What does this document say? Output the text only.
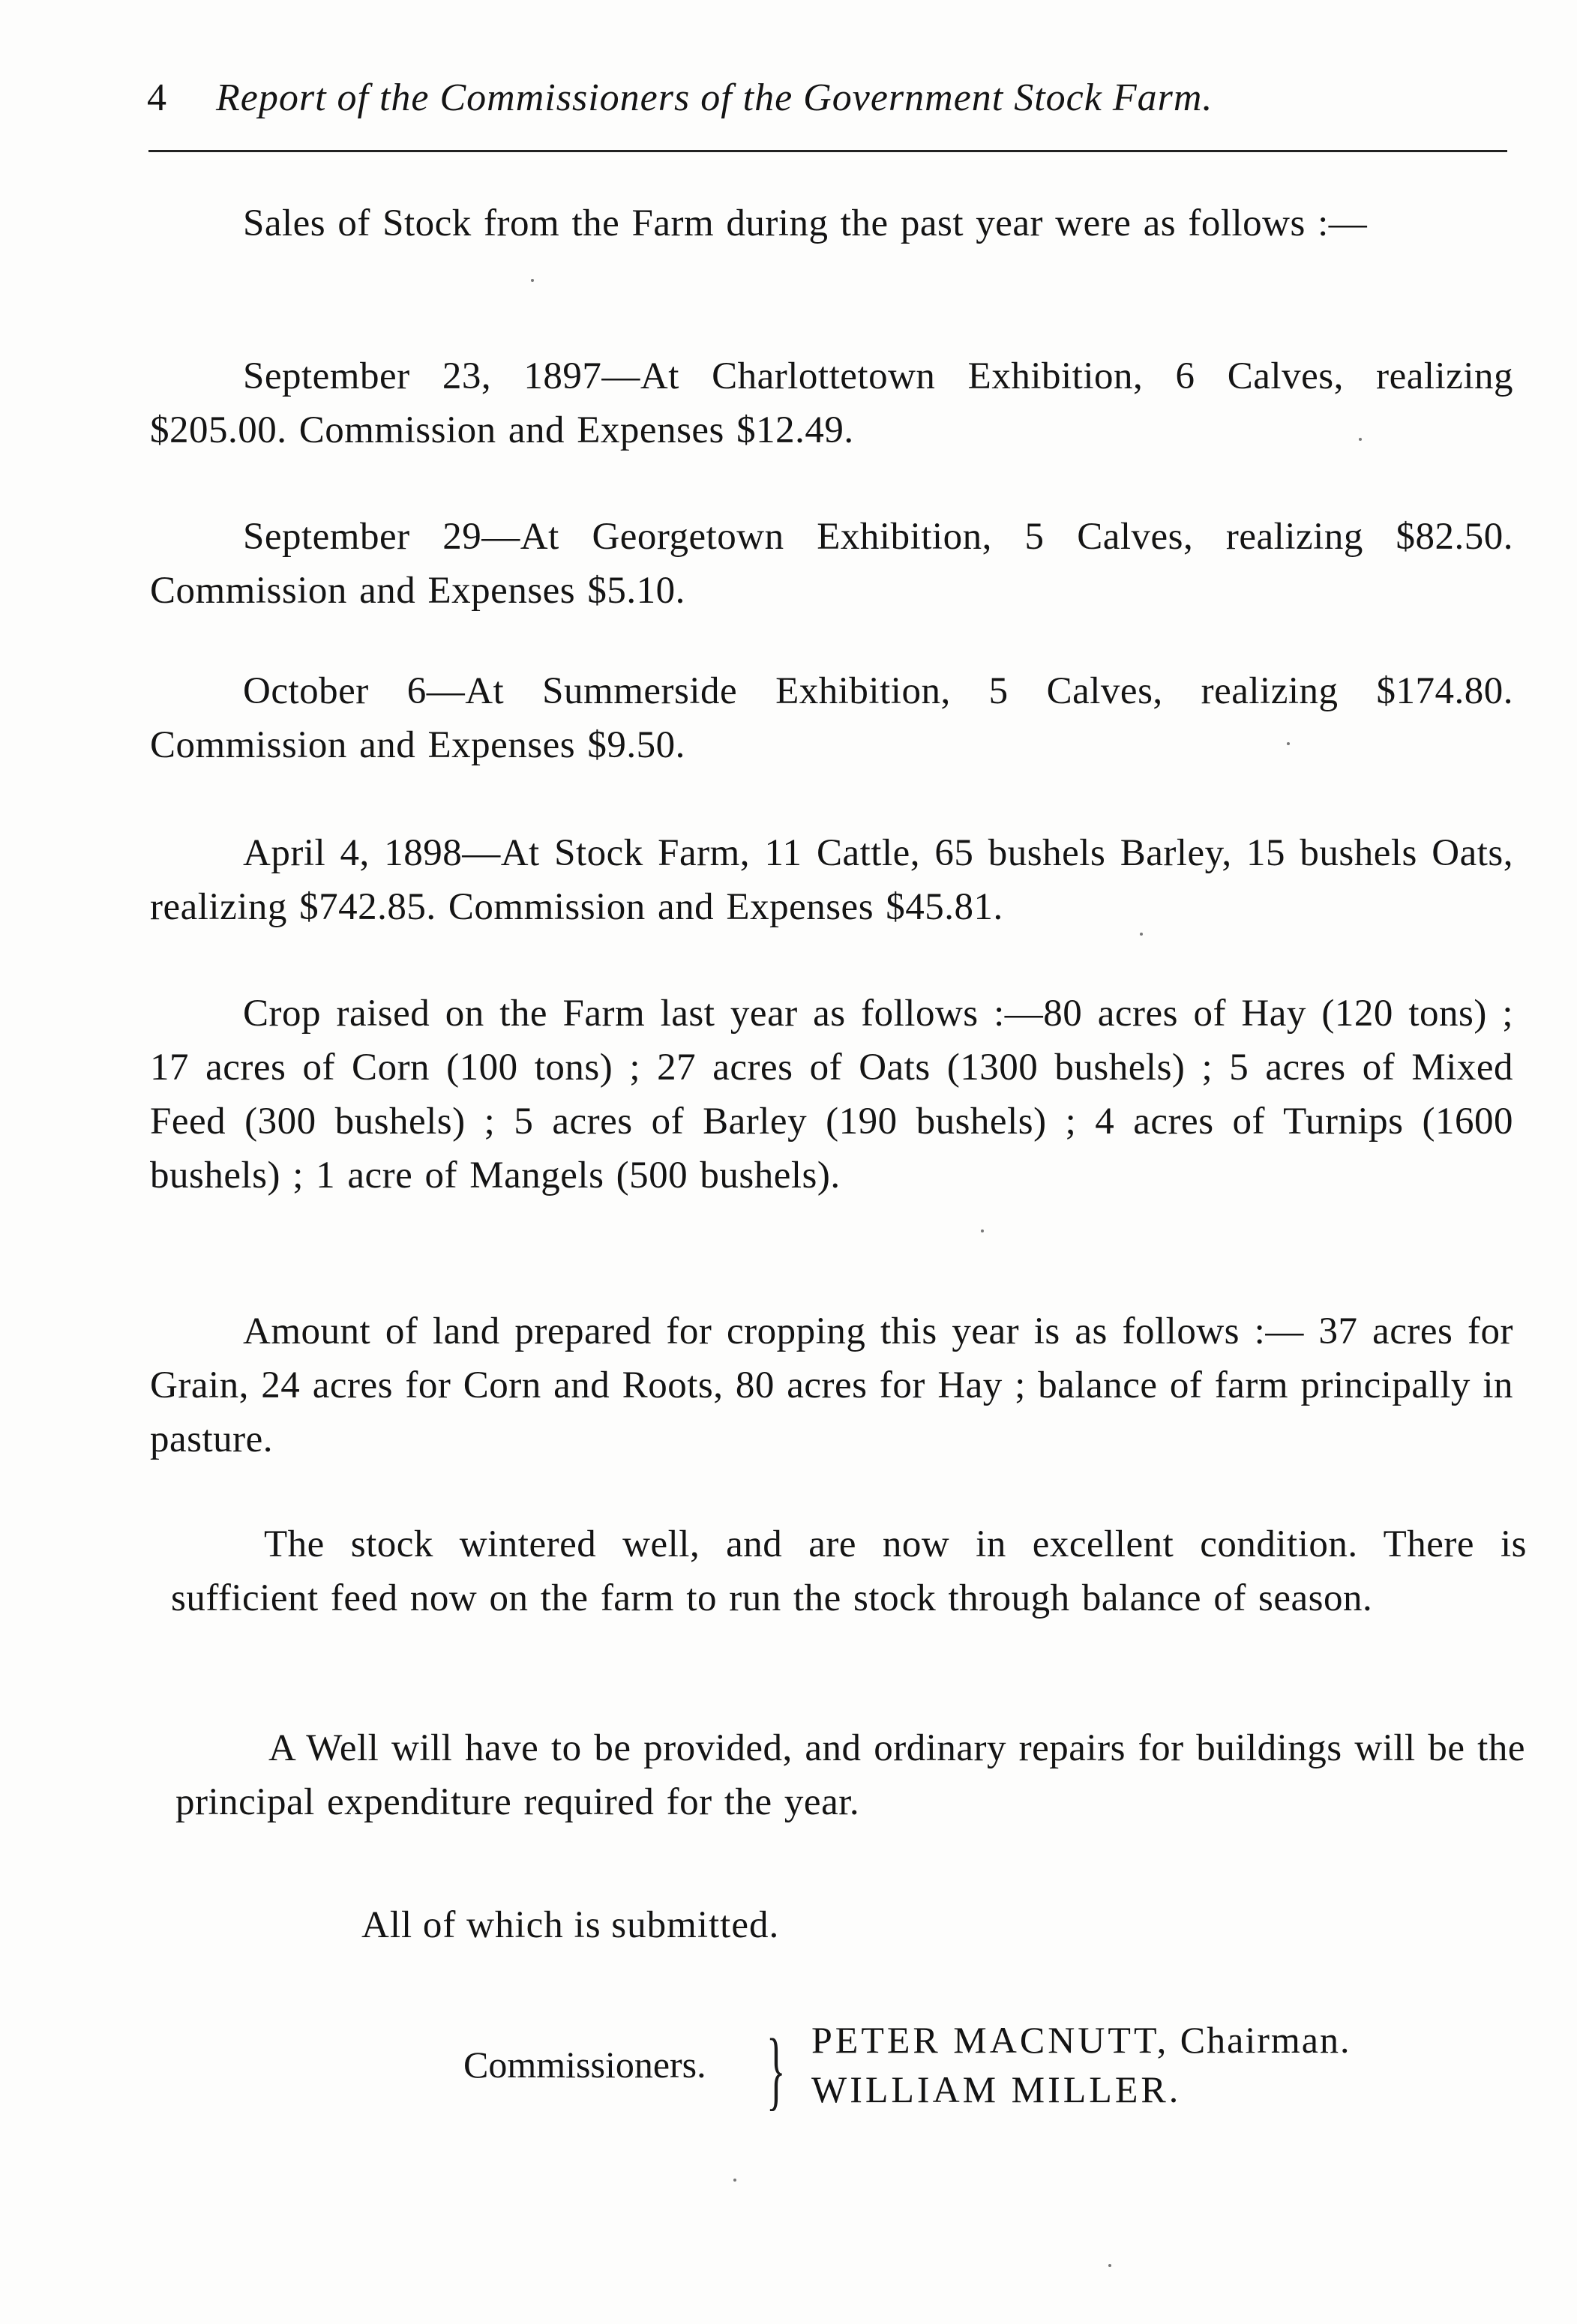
4 Report of the Commissioners of the Government Stock Farm.

Sales of Stock from the Farm during the past year were as follows :—

September 23, 1897—At Charlottetown Exhibition, 6 Calves, realizing $205.00. Commission and Expenses $12.49.

September 29—At Georgetown Exhibition, 5 Calves, realizing $82.50. Commission and Expenses $5.10.

October 6—At Summerside Exhibition, 5 Calves, realizing $174.80. Commission and Expenses $9.50.

April 4, 1898—At Stock Farm, 11 Cattle, 65 bushels Barley, 15 bushels Oats, realizing $742.85. Commission and Expenses $45.81.

Crop raised on the Farm last year as follows :—80 acres of Hay (120 tons) ; 17 acres of Corn (100 tons) ; 27 acres of Oats (1300 bushels) ; 5 acres of Mixed Feed (300 bushels) ; 5 acres of Barley (190 bushels) ; 4 acres of Turnips (1600 bushels) ; 1 acre of Mangels (500 bushels).

Amount of land prepared for cropping this year is as follows :— 37 acres for Grain, 24 acres for Corn and Roots, 80 acres for Hay ; balance of farm principally in pasture.

The stock wintered well, and are now in excellent condition. There is sufficient feed now on the farm to run the stock through balance of season.

A Well will have to be provided, and ordinary repairs for buildings will be the principal expenditure required for the year.

All of which is submitted.
Commissioners. } PETER MACNUTT, Chairman.
WILLIAM MILLER.
